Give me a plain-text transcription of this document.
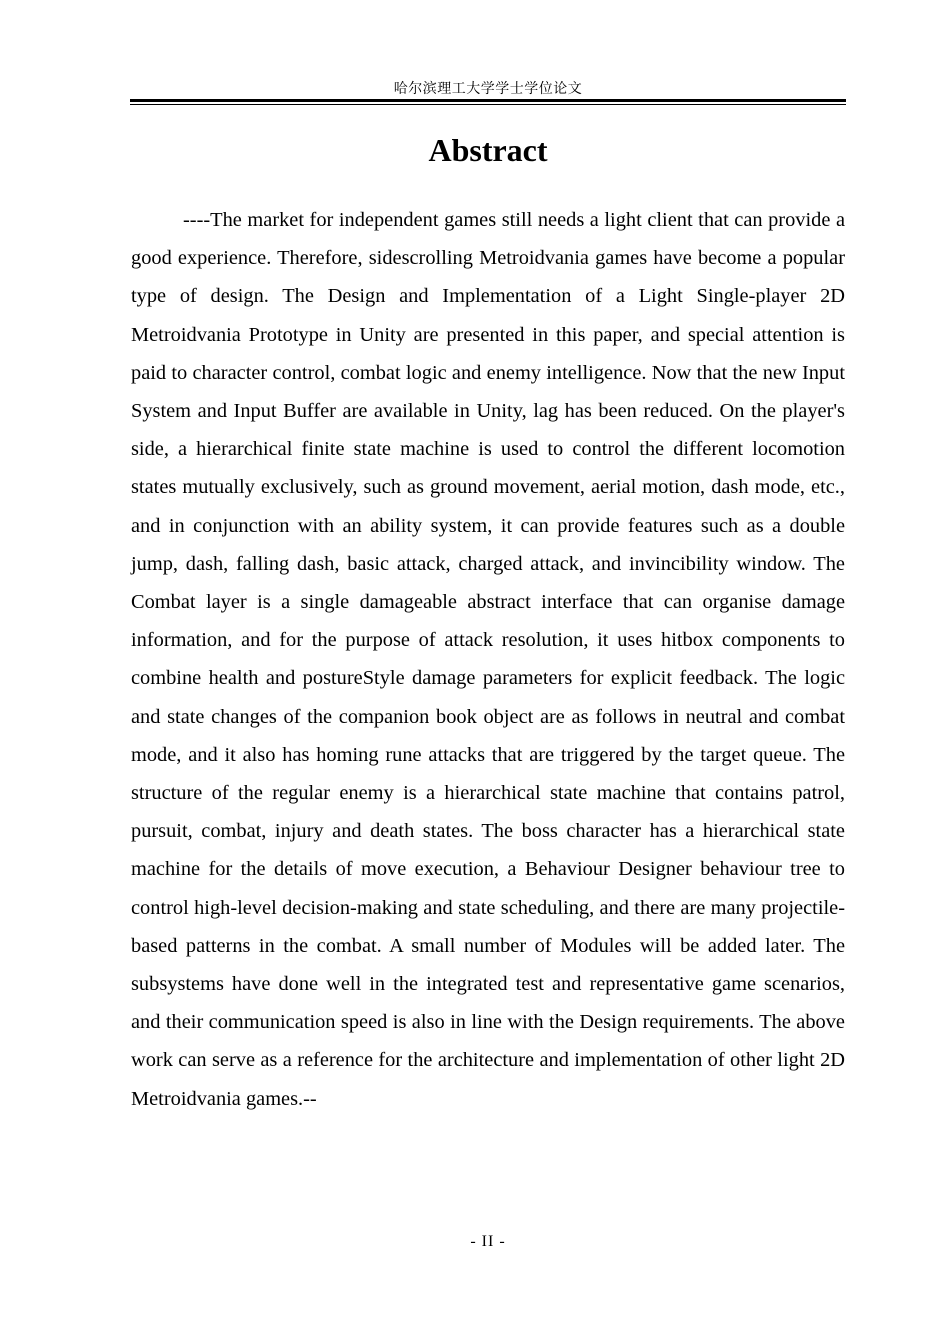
哈尔滨理工大学学士学位论文
Abstract

----The market for independent games still needs a light client that can provide a good experience. Therefore, sidescrolling Metroidvania games have become a popular type of design. The Design and Implementation of a Light Single-player 2D Metroidvania Prototype in Unity are presented in this paper, and special attention is paid to character control, combat logic and enemy intelligence. Now that the new Input System and Input Buffer are available in Unity, lag has been reduced. On the player's side, a hierarchical finite state machine is used to control the different locomotion states mutually exclusively, such as ground movement, aerial motion, dash mode, etc., and in conjunction with an ability system, it can provide features such as a double jump, dash, falling dash, basic attack, charged attack, and invincibility window. The Combat layer is a single damageable abstract interface that can organise damage information, and for the purpose of attack resolution, it uses hitbox components to combine health and postureStyle damage parameters for explicit feedback. The logic and state changes of the companion book object are as follows in neutral and combat mode, and it also has homing rune attacks that are triggered by the target queue. The structure of the regular enemy is a hierarchical state machine that contains patrol, pursuit, combat, injury and death states. The boss character has a hierarchical state machine for the details of move execution, a Behaviour Designer behaviour tree to control high-level decision-making and state scheduling, and there are many projectile-based patterns in the combat. A small number of Modules will be added later. The subsystems have done well in the integrated test and representative game scenarios, and their communication speed is also in line with the Design requirements. The above work can serve as a reference for the architecture and implementation of other light 2D Metroidvania games.--

- II -
